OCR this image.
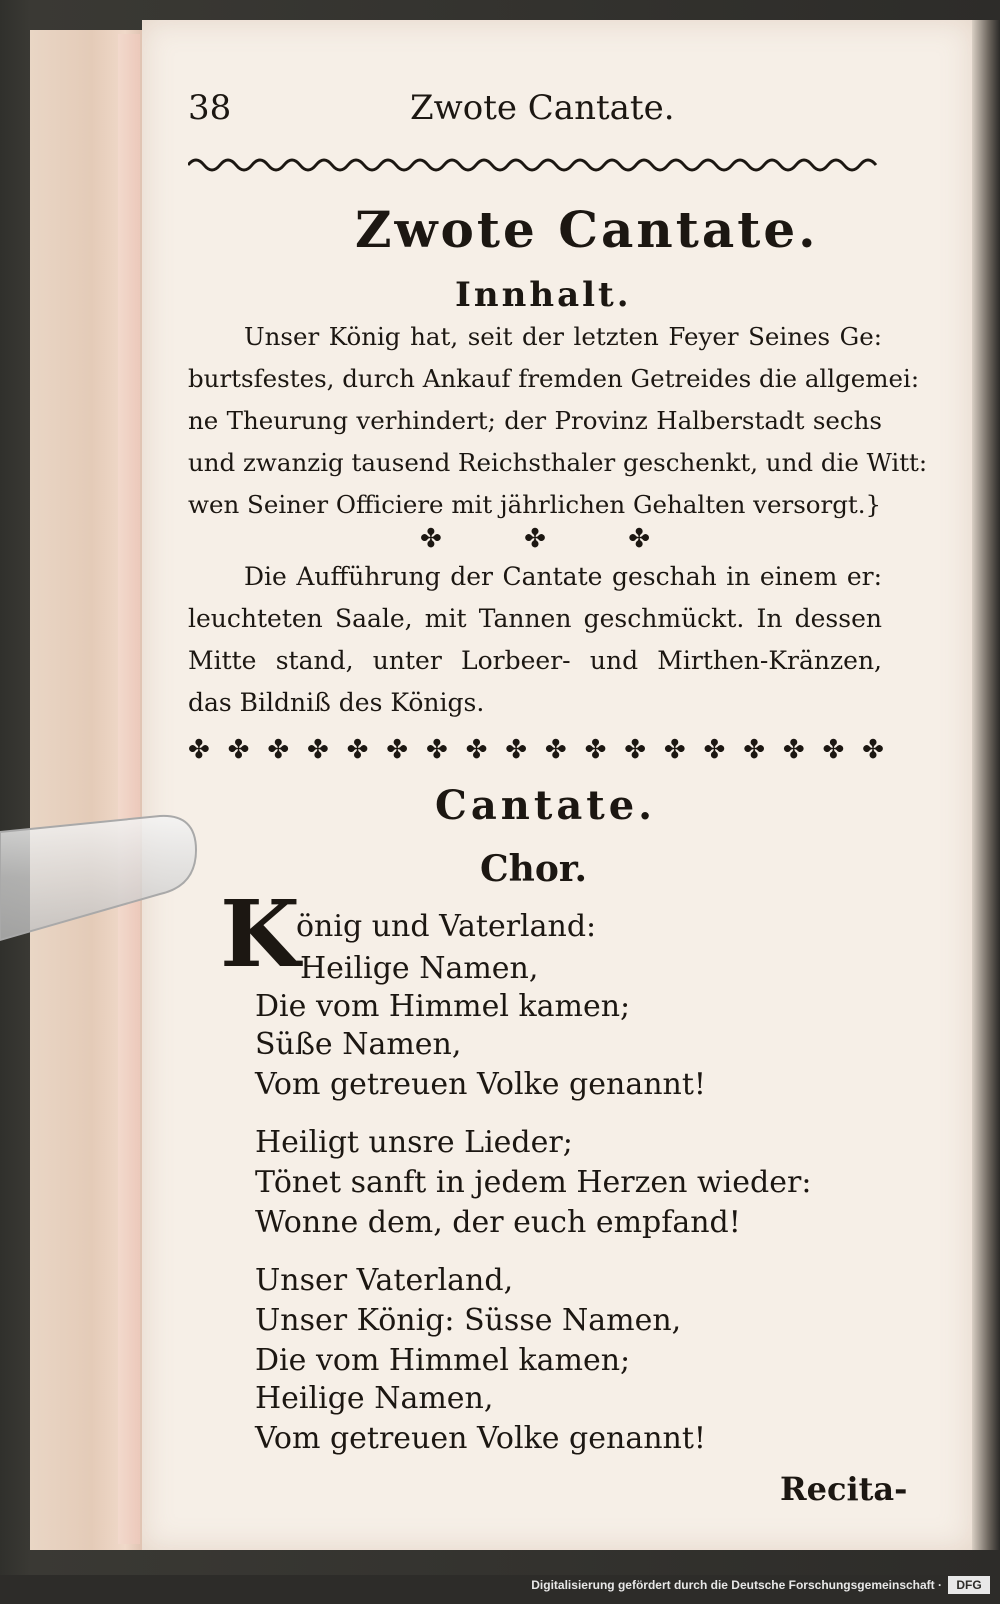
38	Zwote Cantate.
Zwote Cantate.
Innhalt.
Unser König hat, seit der letzten Feyer Seines Ge:
burtsfestes, durch Ankauf fremden Getreides die allgemei:
ne Theurung verhindert; der Provinz Halberstadt sechs
und zwanzig tausend Reichsthaler geschenkt, und die Witt:
wen Seiner Officiere mit jährlichen Gehalten versorgt.}
✤	✤	✤
Die Aufführung der Cantate geschah in einem er:
leuchteten Saale, mit Tannen geschmückt. In dessen
Mitte stand, unter Lorbeer- und Mirthen-Kränzen,
das Bildniß des Königs.
✤ ✤ ✤ ✤ ✤ ✤ ✤ ✤ ✤ ✤ ✤ ✤ ✤ ✤ ✤ ✤ ✤ ✤
Cantate.
Chor.
K
önig und Vaterland:
Heilige Namen,
Die vom Himmel kamen;
Süße Namen,
Vom getreuen Volke genannt!
Heiligt unsre Lieder;
Tönet sanft in jedem Herzen wieder:
Wonne dem, der euch empfand!
Unser Vaterland,
Unser König: Süsse Namen,
Die vom Himmel kamen;
Heilige Namen,
Vom getreuen Volke genannt!
Recita-
Digitalisierung gefördert durch die Deutsche Forschungsgemeinschaft ·	DFG
